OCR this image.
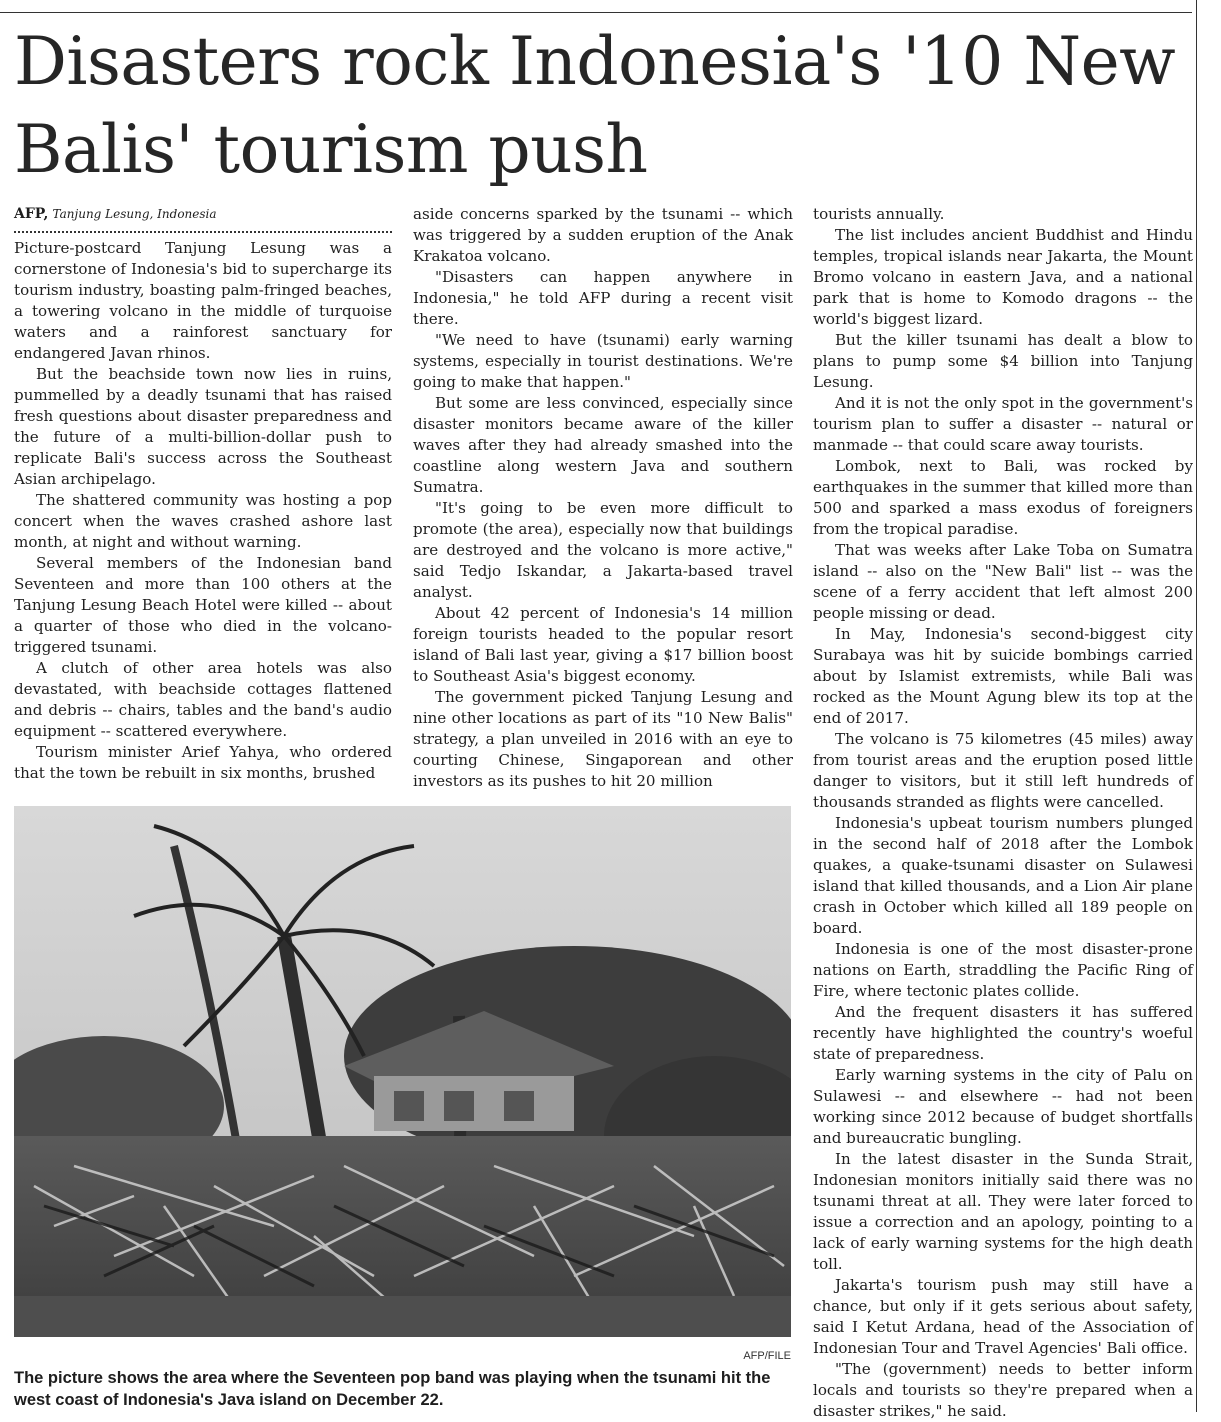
Disasters rock Indonesia's '10 New Balis' tourism push
AFP, Tanjung Lesung, Indonesia

Picture-postcard Tanjung Lesung was a cornerstone of Indonesia's bid to supercharge its tourism industry, boasting palm-fringed beaches, a towering volcano in the middle of turquoise waters and a rainforest sanctuary for endangered Javan rhinos.

But the beachside town now lies in ruins, pummelled by a deadly tsunami that has raised fresh questions about disaster preparedness and the future of a multi-billion-dollar push to replicate Bali's success across the Southeast Asian archipelago.

The shattered community was hosting a pop concert when the waves crashed ashore last month, at night and without warning.

Several members of the Indonesian band Seventeen and more than 100 others at the Tanjung Lesung Beach Hotel were killed -- about a quarter of those who died in the volcano-triggered tsunami.

A clutch of other area hotels was also devastated, with beachside cottages flattened and debris -- chairs, tables and the band's audio equipment -- scattered everywhere.

Tourism minister Arief Yahya, who ordered that the town be rebuilt in six months, brushed

aside concerns sparked by the tsunami -- which was triggered by a sudden eruption of the Anak Krakatoa volcano.

"Disasters can happen anywhere in Indonesia," he told AFP during a recent visit there.

"We need to have (tsunami) early warning systems, especially in tourist destinations. We're going to make that happen."

But some are less convinced, especially since disaster monitors became aware of the killer waves after they had already smashed into the coastline along western Java and southern Sumatra.

"It's going to be even more difficult to promote (the area), especially now that buildings are destroyed and the volcano is more active," said Tedjo Iskandar, a Jakarta-based travel analyst.

About 42 percent of Indonesia's 14 million foreign tourists headed to the popular resort island of Bali last year, giving a $17 billion boost to Southeast Asia's biggest economy.

The government picked Tanjung Lesung and nine other locations as part of its "10 New Balis" strategy, a plan unveiled in 2016 with an eye to courting Chinese, Singaporean and other investors as its pushes to hit 20 million

tourists annually.

The list includes ancient Buddhist and Hindu temples, tropical islands near Jakarta, the Mount Bromo volcano in eastern Java, and a national park that is home to Komodo dragons -- the world's biggest lizard.

But the killer tsunami has dealt a blow to plans to pump some $4 billion into Tanjung Lesung.

And it is not the only spot in the government's tourism plan to suffer a disaster -- natural or manmade -- that could scare away tourists.

Lombok, next to Bali, was rocked by earthquakes in the summer that killed more than 500 and sparked a mass exodus of foreigners from the tropical paradise.

That was weeks after Lake Toba on Sumatra island -- also on the "New Bali" list -- was the scene of a ferry accident that left almost 200 people missing or dead.

In May, Indonesia's second-biggest city Surabaya was hit by suicide bombings carried about by Islamist extremists, while Bali was rocked as the Mount Agung blew its top at the end of 2017.

The volcano is 75 kilometres (45 miles) away from tourist areas and the eruption posed little danger to visitors, but it still left hundreds of thousands stranded as flights were cancelled.

Indonesia's upbeat tourism numbers plunged in the second half of 2018 after the Lombok quakes, a quake-tsunami disaster on Sulawesi island that killed thousands, and a Lion Air plane crash in October which killed all 189 people on board.

Indonesia is one of the most disaster-prone nations on Earth, straddling the Pacific Ring of Fire, where tectonic plates collide.

And the frequent disasters it has suffered recently have highlighted the country's woeful state of preparedness.

Early warning systems in the city of Palu on Sulawesi -- and elsewhere -- had not been working since 2012 because of budget shortfalls and bureaucratic bungling.

In the latest disaster in the Sunda Strait, Indonesian monitors initially said there was no tsunami threat at all. They were later forced to issue a correction and an apology, pointing to a lack of early warning systems for the high death toll.

Jakarta's tourism push may still have a chance, but only if it gets serious about safety, said I Ketut Ardana, head of the Association of Indonesian Tour and Travel Agencies' Bali office.

"The (government) needs to better inform locals and tourists so they're prepared when a disaster strikes," he said.

AFP/FILE
The picture shows the area where the Seventeen pop band was playing when the tsunami hit the west coast of Indonesia's Java island on December 22.
